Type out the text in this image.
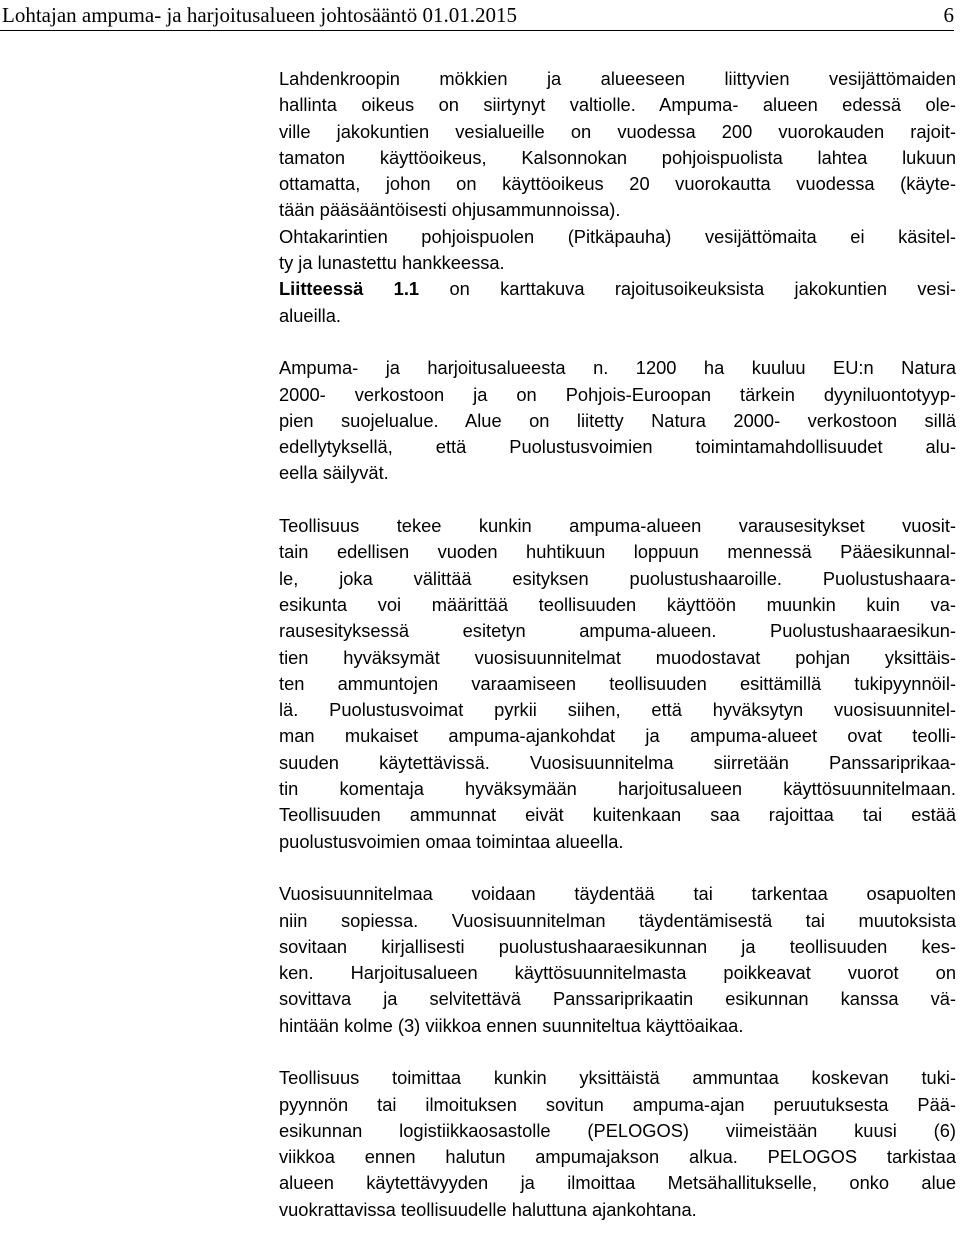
Lohtajan ampuma- ja harjoitusalueen johtosääntö 01.01.2015	6
Lahdenkroopin mökkien ja alueeseen liittyvien vesijättömaiden
hallinta oikeus on siirtynyt valtiolle. Ampuma- alueen edessä ole-
ville jakokuntien vesialueille on vuodessa 200 vuorokauden rajoit-
tamaton käyttöoikeus, Kalsonnokan pohjoispuolista lahtea lukuun
ottamatta, johon on käyttöoikeus 20 vuorokautta vuodessa (käyte-
tään pääsääntöisesti ohjusammunnoissa).
Ohtakarintien pohjoispuolen (Pitkäpauha) vesijättömaita ei käsitel-
ty ja lunastettu hankkeessa.
Liitteessä 1.1 on karttakuva rajoitusoikeuksista jakokuntien vesi-
alueilla.
Ampuma- ja harjoitusalueesta n. 1200 ha kuuluu EU:n Natura
2000- verkostoon ja on Pohjois-Euroopan tärkein dyyniluontotyyp-
pien suojelualue. Alue on liitetty Natura 2000- verkostoon sillä
edellytyksellä, että Puolustusvoimien toimintamahdollisuudet alu-
eella säilyvät.
Teollisuus tekee kunkin ampuma-alueen varausesitykset vuosit-
tain edellisen vuoden huhtikuun loppuun mennessä Pääesikunnal-
le, joka välittää esityksen puolustushaaroille. Puolustushaara-
esikunta voi määrittää teollisuuden käyttöön muunkin kuin va-
rausesityksessä esitetyn ampuma-alueen. Puolustushaaraesikun-
tien hyväksymät vuosisuunnitelmat muodostavat pohjan yksittäis-
ten ammuntojen varaamiseen teollisuuden esittämillä tukipyynnöil-
lä. Puolustusvoimat pyrkii siihen, että hyväksytyn vuosisuunnitel-
man mukaiset ampuma-ajankohdat ja ampuma-alueet ovat teolli-
suuden käytettävissä. Vuosisuunnitelma siirretään Panssariprikaa-
tin komentaja hyväksymään harjoitusalueen käyttösuunnitelmaan.
Teollisuuden ammunnat eivät kuitenkaan saa rajoittaa tai estää
puolustusvoimien omaa toimintaa alueella.
Vuosisuunnitelmaa voidaan täydentää tai tarkentaa osapuolten
niin sopiessa. Vuosisuunnitelman täydentämisestä tai muutoksista
sovitaan kirjallisesti puolustushaaraesikunnan ja teollisuuden kes-
ken. Harjoitusalueen käyttösuunnitelmasta poikkeavat vuorot on
sovittava ja selvitettävä Panssariprikaatin esikunnan kanssa vä-
hintään kolme (3) viikkoa ennen suunniteltua käyttöaikaa.
Teollisuus toimittaa kunkin yksittäistä ammuntaa koskevan tuki-
pyynnön tai ilmoituksen sovitun ampuma-ajan peruutuksesta Pää-
esikunnan logistiikkaosastolle (PELOGOS) viimeistään kuusi (6)
viikkoa ennen halutun ampumajakson alkua. PELOGOS tarkistaa
alueen käytettävyyden ja ilmoittaa Metsähallitukselle, onko alue
vuokrattavissa teollisuudelle haluttuna ajankohtana.
